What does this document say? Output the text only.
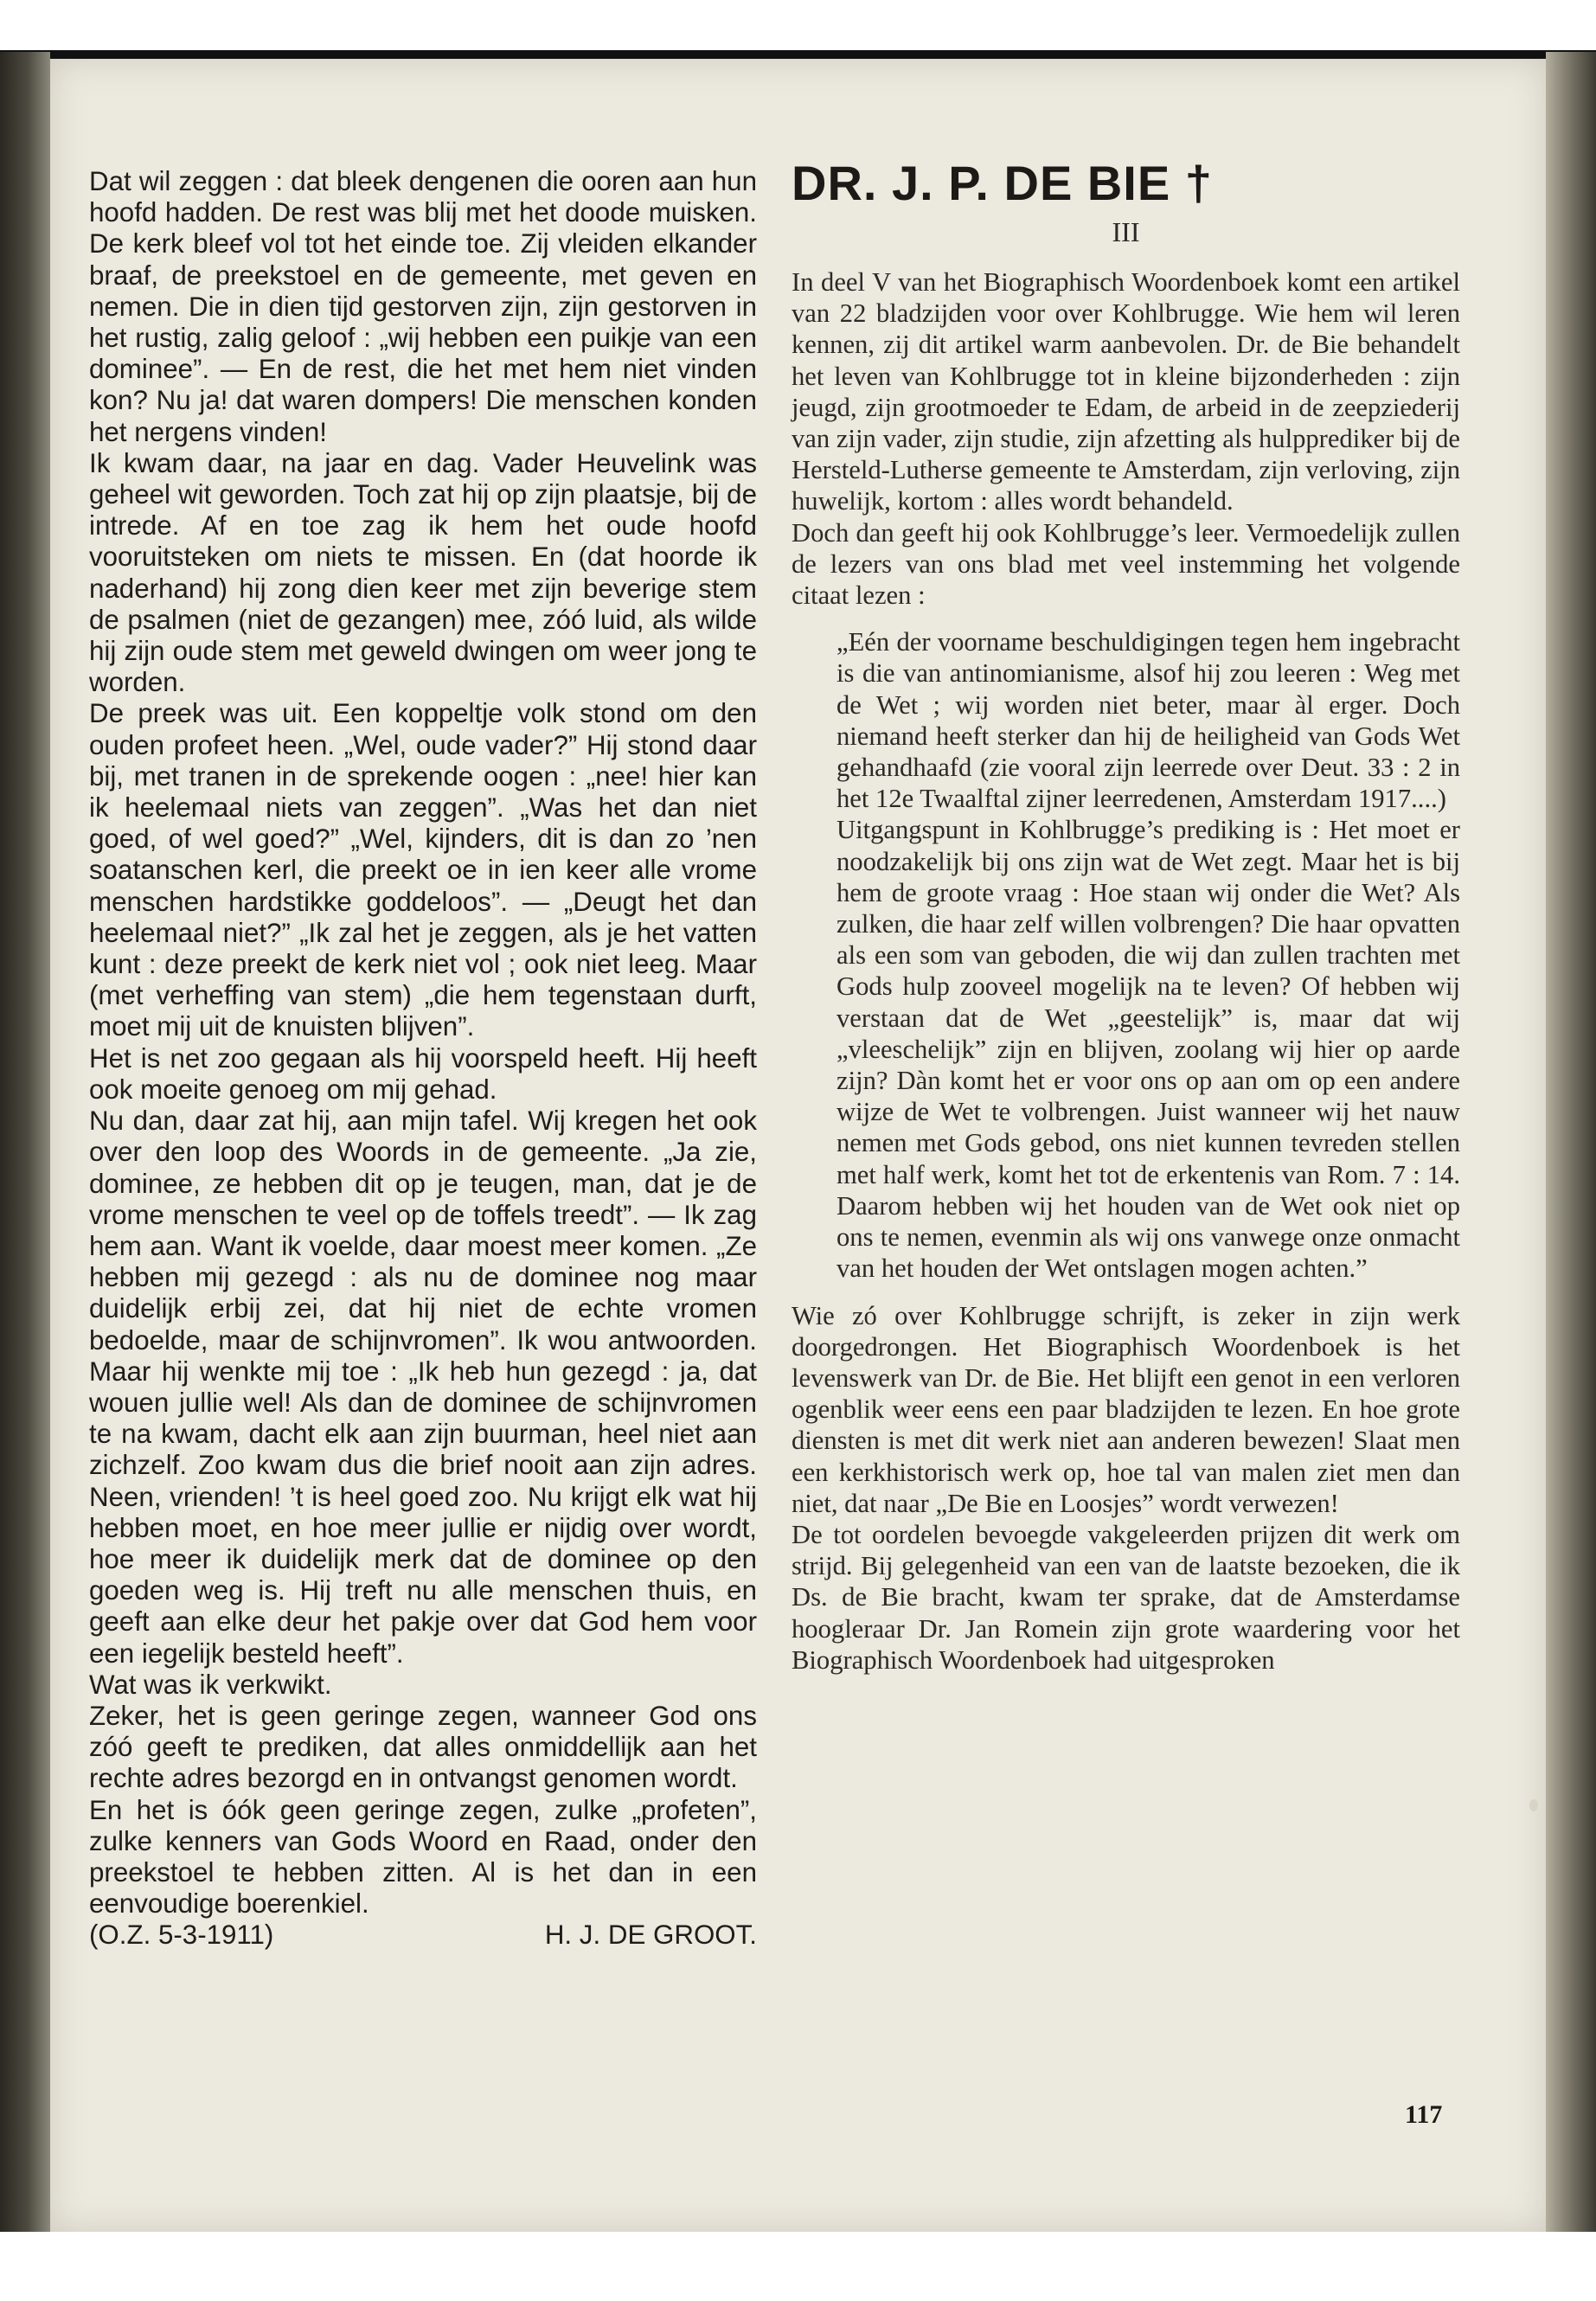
Dat wil zeggen : dat bleek dengenen die ooren aan hun hoofd hadden. De rest was blij met het doode muisken. De kerk bleef vol tot het einde toe. Zij vleiden elkander braaf, de preekstoel en de gemeente, met geven en nemen. Die in dien tijd gestorven zijn, zijn gestorven in het rustig, zalig geloof : „wij hebben een puikje van een dominee”. — En de rest, die het met hem niet vinden kon? Nu ja! dat waren dompers! Die menschen konden het nergens vinden!

Ik kwam daar, na jaar en dag. Vader Heuvelink was geheel wit geworden. Toch zat hij op zijn plaatsje, bij de intrede. Af en toe zag ik hem het oude hoofd vooruitsteken om niets te missen. En (dat hoorde ik naderhand) hij zong dien keer met zijn beverige stem de psalmen (niet de gezangen) mee, zóó luid, als wilde hij zijn oude stem met geweld dwingen om weer jong te worden.

De preek was uit. Een koppeltje volk stond om den ouden profeet heen. „Wel, oude vader?” Hij stond daar bij, met tranen in de sprekende oogen : „nee! hier kan ik heelemaal niets van zeggen”. „Was het dan niet goed, of wel goed?” „Wel, kijnders, dit is dan zo ’nen soatanschen kerl, die preekt oe in ien keer alle vrome menschen hardstikke goddeloos”. — „Deugt het dan heelemaal niet?” „Ik zal het je zeggen, als je het vatten kunt : deze preekt de kerk niet vol ; ook niet leeg. Maar (met verheffing van stem) „die hem tegenstaan durft, moet mij uit de knuisten blijven”.

Het is net zoo gegaan als hij voorspeld heeft. Hij heeft ook moeite genoeg om mij gehad.

Nu dan, daar zat hij, aan mijn tafel. Wij kregen het ook over den loop des Woords in de gemeente. „Ja zie, dominee, ze hebben dit op je teugen, man, dat je de vrome menschen te veel op de toffels treedt”. — Ik zag hem aan. Want ik voelde, daar moest meer komen. „Ze hebben mij gezegd : als nu de dominee nog maar duidelijk erbij zei, dat hij niet de echte vromen bedoelde, maar de schijnvromen”. Ik wou antwoorden. Maar hij wenkte mij toe : „Ik heb hun gezegd : ja, dat wouen jullie wel! Als dan de dominee de schijnvromen te na kwam, dacht elk aan zijn buurman, heel niet aan zichzelf. Zoo kwam dus die brief nooit aan zijn adres. Neen, vrienden! ’t is heel goed zoo. Nu krijgt elk wat hij hebben moet, en hoe meer jullie er nijdig over wordt, hoe meer ik duidelijk merk dat de dominee op den goeden weg is. Hij treft nu alle menschen thuis, en geeft aan elke deur het pakje over dat God hem voor een iegelijk besteld heeft”.

Wat was ik verkwikt.

Zeker, het is geen geringe zegen, wanneer God ons zóó geeft te prediken, dat alles onmiddellijk aan het rechte adres bezorgd en in ontvangst genomen wordt.

En het is óók geen geringe zegen, zulke „profeten”, zulke kenners van Gods Woord en Raad, onder den preekstoel te hebben zitten. Al is het dan in een eenvoudige boerenkiel.

(O.Z. 5-3-1911)	H. J. DE GROOT.
DR. J. P. DE BIE †
III

In deel V van het Biographisch Woordenboek komt een artikel van 22 bladzijden voor over Kohlbrugge. Wie hem wil leren kennen, zij dit artikel warm aanbevolen. Dr. de Bie behandelt het leven van Kohlbrugge tot in kleine bijzonderheden : zijn jeugd, zijn grootmoeder te Edam, de arbeid in de zeepziederij van zijn vader, zijn studie, zijn afzetting als hulpprediker bij de Hersteld-Lutherse gemeente te Amsterdam, zijn verloving, zijn huwelijk, kortom : alles wordt behandeld.

Doch dan geeft hij ook Kohlbrugge’s leer. Vermoedelijk zullen de lezers van ons blad met veel instemming het volgende citaat lezen :

„Eén der voorname beschuldigingen tegen hem ingebracht is die van antinomianisme, alsof hij zou leeren : Weg met de Wet ; wij worden niet beter, maar àl erger. Doch niemand heeft sterker dan hij de heiligheid van Gods Wet gehandhaafd (zie vooral zijn leerrede over Deut. 33 : 2 in het 12e Twaalftal zijner leerredenen, Amsterdam 1917....)

Uitgangspunt in Kohlbrugge’s prediking is : Het moet er noodzakelijk bij ons zijn wat de Wet zegt. Maar het is bij hem de groote vraag : Hoe staan wij onder die Wet? Als zulken, die haar zelf willen volbrengen? Die haar opvatten als een som van geboden, die wij dan zullen trachten met Gods hulp zooveel mogelijk na te leven? Of hebben wij verstaan dat de Wet „geestelijk” is, maar dat wij „vleeschelijk” zijn en blijven, zoolang wij hier op aarde zijn? Dàn komt het er voor ons op aan om op een andere wijze de Wet te volbrengen. Juist wanneer wij het nauw nemen met Gods gebod, ons niet kunnen tevreden stellen met half werk, komt het tot de erkentenis van Rom. 7 : 14. Daarom hebben wij het houden van de Wet ook niet op ons te nemen, evenmin als wij ons vanwege onze onmacht van het houden der Wet ontslagen mogen achten.”

Wie zó over Kohlbrugge schrijft, is zeker in zijn werk doorgedrongen. Het Biographisch Woordenboek is het levenswerk van Dr. de Bie. Het blijft een genot in een verloren ogenblik weer eens een paar bladzijden te lezen. En hoe grote diensten is met dit werk niet aan anderen bewezen! Slaat men een kerkhistorisch werk op, hoe tal van malen ziet men dan niet, dat naar „De Bie en Loosjes” wordt verwezen!

De tot oordelen bevoegde vakgeleerden prijzen dit werk om strijd. Bij gelegenheid van een van de laatste bezoeken, die ik Ds. de Bie bracht, kwam ter sprake, dat de Amsterdamse hoogleraar Dr. Jan Romein zijn grote waardering voor het Biographisch Woordenboek had uitgesproken

117
